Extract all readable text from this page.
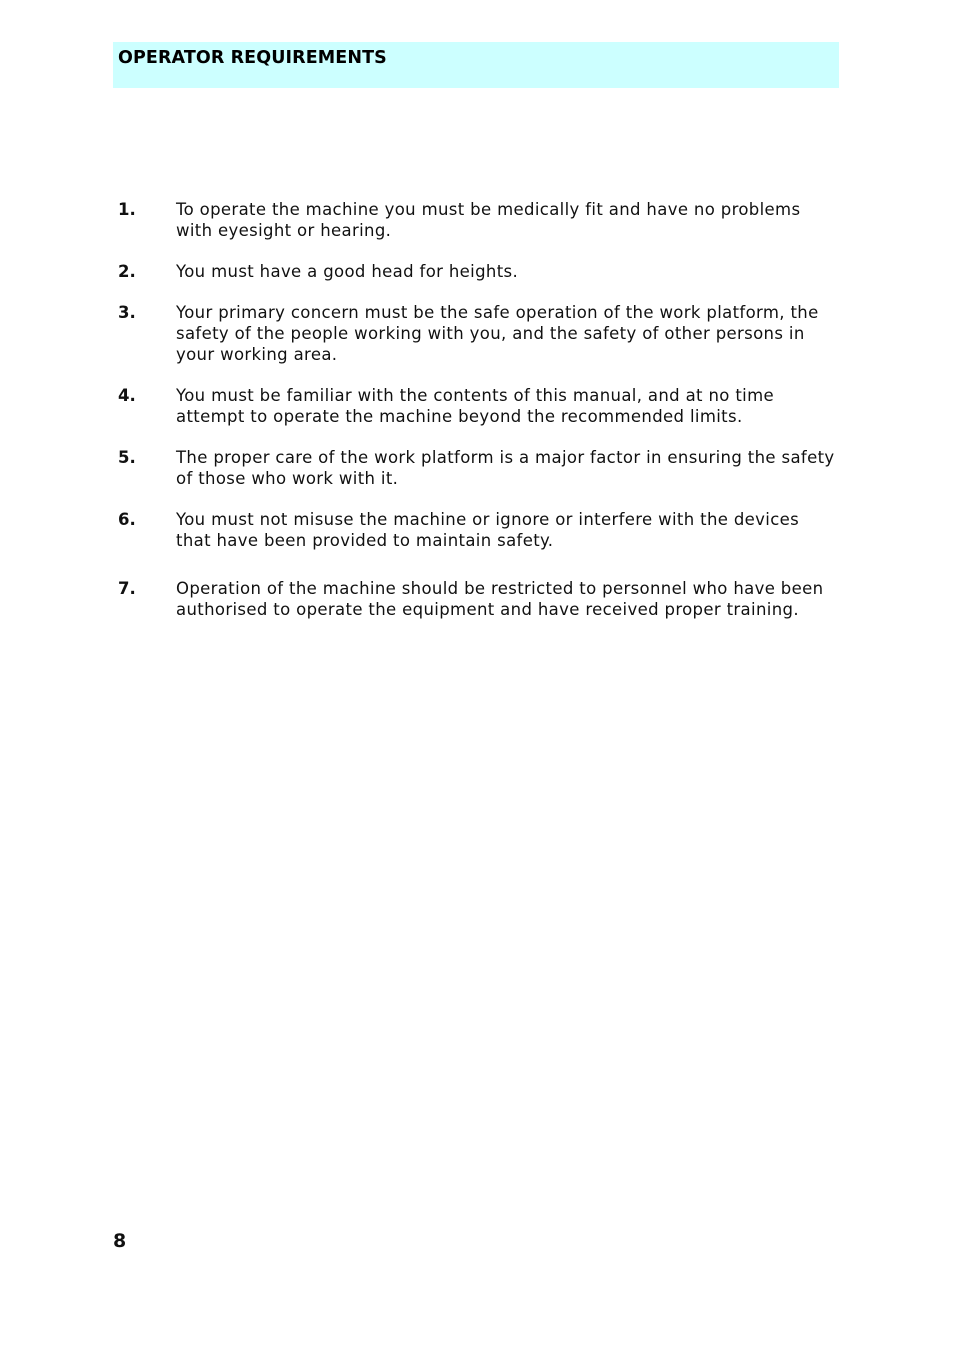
OPERATOR REQUIREMENTS
1. To operate the machine you must be medically fit and have no problems
with eyesight or hearing.
2. You must have a good head for heights.
3. Your primary concern must be the safe operation of the work platform, the
safety of the people working with you, and the safety of other persons in
your working area.
4. You must be familiar with the contents of this manual, and at no time
attempt to operate the machine beyond the recommended limits.
5. The proper care of the work platform is a major factor in ensuring the safety
of those who work with it.
6. You must not misuse the machine or ignore or interfere with the devices
that have been provided to maintain safety.
7. Operation of the machine should be restricted to personnel who have been
authorised to operate the equipment and have received proper training.
8
